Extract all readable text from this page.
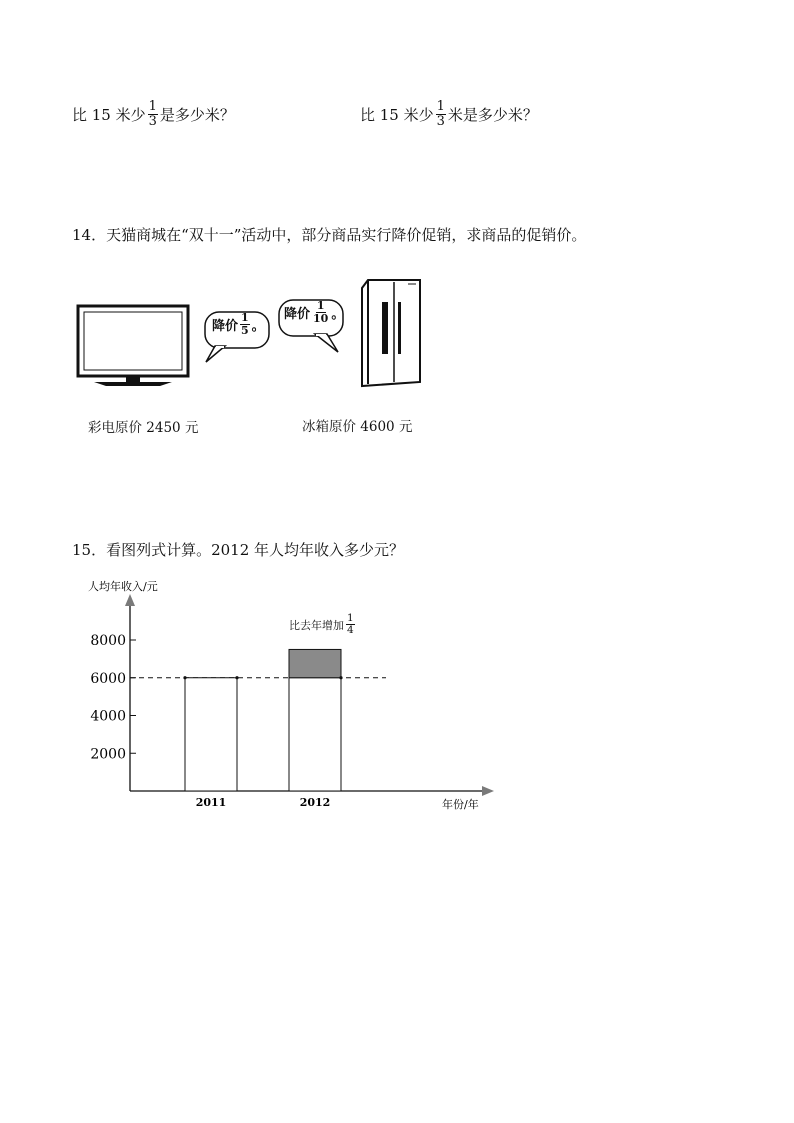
比 15 米少 $\frac{1}{3}$ 是多少米？	比 15 米少 $\frac{1}{3}$ 米是多少米？
14．天猫商城在“双十一”活动中，部分商品实行降价促销，求商品的促销价。
降价 $\frac{1}{5}$ 。
降价 $\frac{1}{10}$ 。
彩电原价 2450 元	冰箱原价 4600 元
15．看图列式计算。2012 年人均年收入多少元？
人均年收入/元
年份/年
2000
4000
6000
8000
2011	2012
比去年增加 $\frac{1}{4}$
